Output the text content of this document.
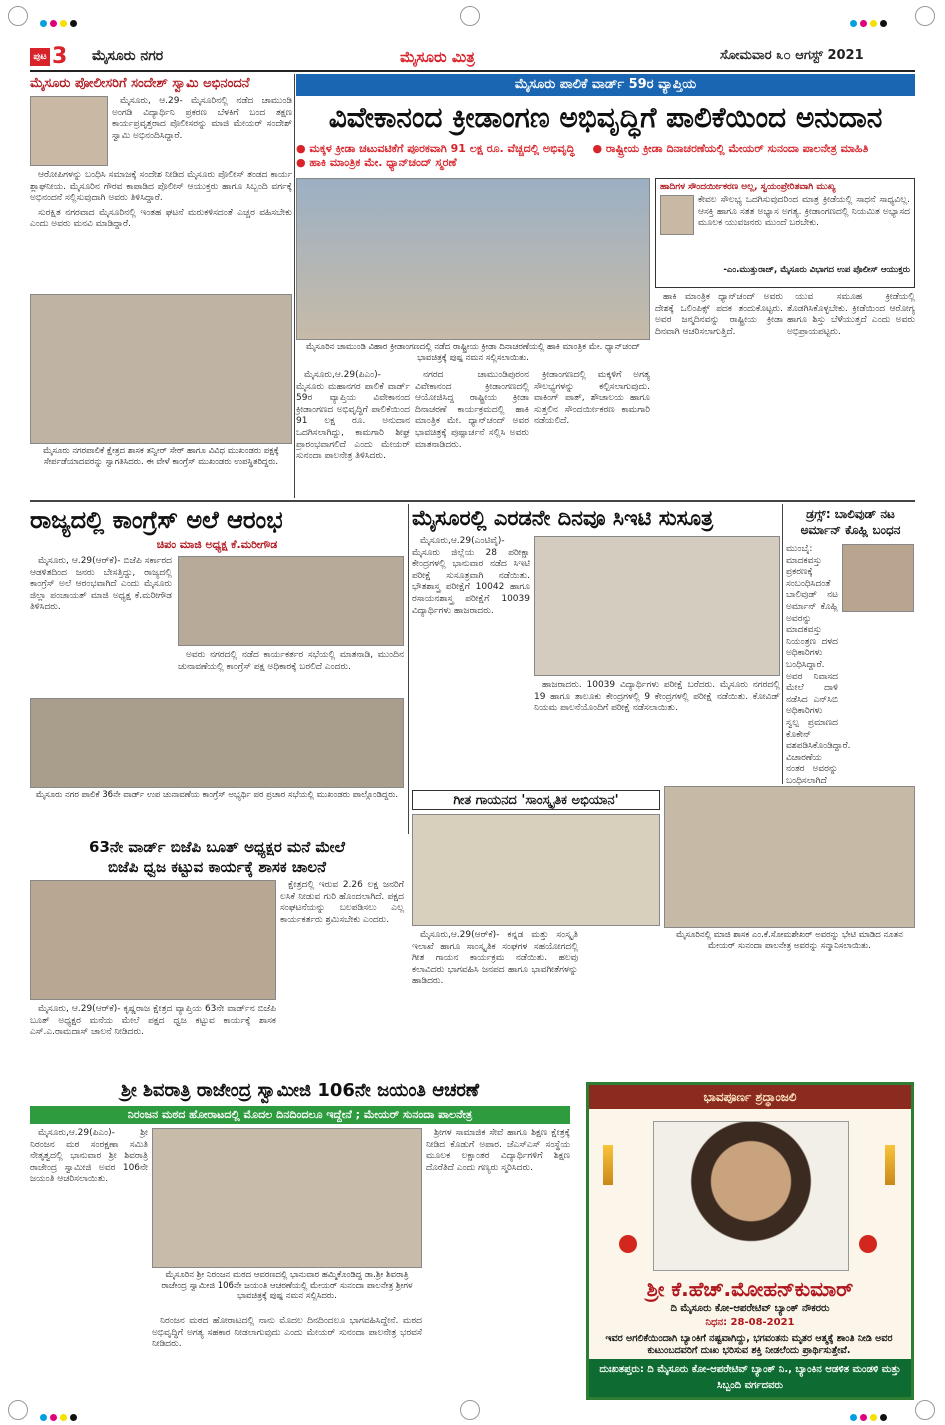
ಪುಟ 3 ಮೈಸೂರು ನಗರ	ಮೈಸೂರು ಮಿತ್ರ	ಸೋಮವಾರ ೩೦ ಆಗಸ್ಟ್ 2021
ಮೈಸೂರು ಪೋಲೀಸರಿಗೆ ಸಂದೇಶ್ ಸ್ವಾಮಿ ಅಭಿನಂದನೆ

ಮೈಸೂರು, ಆ.29- ಮೈಸೂರಿನಲ್ಲಿ ನಡೆದ ಚಾಮುಂಡಿ ಅಂಗಡಿ ವಿದ್ಯಾರ್ಥಿನಿ ಪ್ರಕರಣ ಬೆಳಕಿಗೆ ಬಂದ ತಕ್ಷಣ ಕಾರ್ಯಪ್ರವೃತ್ತರಾದ ಪೊಲೀಸರನ್ನು ಮಾಜಿ ಮೇಯರ್ ಸಂದೇಶ್ ಸ್ವಾಮಿ ಅಭಿನಂದಿಸಿದ್ದಾರೆ.

ಆರೋಪಿಗಳನ್ನು ಬಂಧಿಸಿ ಸಮಾಜಕ್ಕೆ ಸಂದೇಶ ನೀಡಿದ ಮೈಸೂರು ಪೊಲೀಸ್ ತಂಡದ ಕಾರ್ಯ ಶ್ಲಾಘನೀಯ. ಮೈಸೂರಿನ ಗೌರವ ಕಾಪಾಡಿದ ಪೊಲೀಸ್ ಆಯುಕ್ತರು ಹಾಗೂ ಸಿಬ್ಬಂದಿ ವರ್ಗಕ್ಕೆ ಅಭಿನಂದನೆ ಸಲ್ಲಿಸುವುದಾಗಿ ಅವರು ತಿಳಿಸಿದ್ದಾರೆ.

ಸುರಕ್ಷಿತ ನಗರವಾದ ಮೈಸೂರಿನಲ್ಲಿ ಇಂತಹ ಘಟನೆ ಮರುಕಳಿಸದಂತೆ ಎಚ್ಚರ ವಹಿಸಬೇಕು ಎಂದು ಅವರು ಮನವಿ ಮಾಡಿದ್ದಾರೆ.

ಮೈಸೂರು ನಗರಪಾಲಿಕೆ ಕ್ಷೇತ್ರದ ಶಾಸಕ ತನ್ವೀರ್ ಸೇಠ್ ಹಾಗೂ ವಿವಿಧ ಮುಖಂಡರು ಪಕ್ಷಕ್ಕೆ ಸೇರ್ಪಡೆಯಾದವರನ್ನು ಸ್ವಾಗತಿಸಿದರು. ಈ ವೇಳೆ ಕಾಂಗ್ರೆಸ್ ಮುಖಂಡರು ಉಪಸ್ಥಿತರಿದ್ದರು.
ಮೈಸೂರು ಪಾಲಿಕೆ ವಾರ್ಡ್ 59ರ ವ್ಯಾಪ್ತಿಯ
ವಿವೇಕಾನಂದ ಕ್ರೀಡಾಂಗಣ ಅಭಿವೃದ್ಧಿಗೆ ಪಾಲಿಕೆಯಿಂದ ಅನುದಾನ
● ಮಕ್ಕಳ ಕ್ರೀಡಾ ಚಟುವಟಿಕೆಗೆ ಪೂರಕವಾಗಿ 91 ಲಕ್ಷ ರೂ. ವೆಚ್ಚದಲ್ಲಿ ಅಭಿವೃದ್ಧಿ ● ರಾಷ್ಟ್ರೀಯ ಕ್ರೀಡಾ ದಿನಾಚರಣೆಯಲ್ಲಿ ಮೇಯರ್ ಸುನಂದಾ ಪಾಲನೇತ್ರ ಮಾಹಿತಿ ● ಹಾಕಿ ಮಾಂತ್ರಿಕ ಮೇ. ಧ್ಯಾನ್‌ಚಂದ್ ಸ್ಮರಣೆ
ಮೈಸೂರಿನ ಚಾಮುಂಡಿ ವಿಹಾರ ಕ್ರೀಡಾಂಗಣದಲ್ಲಿ ನಡೆದ ರಾಷ್ಟ್ರೀಯ ಕ್ರೀಡಾ ದಿನಾಚರಣೆಯಲ್ಲಿ ಹಾಕಿ ಮಾಂತ್ರಿಕ ಮೇ. ಧ್ಯಾನ್‌ಚಂದ್ ಭಾವಚಿತ್ರಕ್ಕೆ ಪುಷ್ಪ ನಮನ ಸಲ್ಲಿಸಲಾಯಿತು.
ಹಾದಿಗಳ ಸೌಂದರ್ಯೀಕರಣ ಅಲ್ಲ, ಸ್ವಯಂಪ್ರೇರಿತವಾಗಿ ಮುಖ್ಯ
ಕೇವಲ ಸೌಲಭ್ಯ ಒದಗಿಸುವುದರಿಂದ ಮಾತ್ರ ಕ್ರೀಡೆಯಲ್ಲಿ ಸಾಧನೆ ಸಾಧ್ಯವಿಲ್ಲ. ಆಸಕ್ತಿ ಹಾಗೂ ಸತತ ಅಭ್ಯಾಸ ಅಗತ್ಯ. ಕ್ರೀಡಾಂಗಣದಲ್ಲಿ ನಿಯಮಿತ ಅಭ್ಯಾಸದ ಮೂಲಕ ಯುವಜನರು ಮುಂದೆ ಬರಬೇಕು.
-ಎಂ.ಮುತ್ತುರಾಜ್, ಮೈಸೂರು ವಿಭಾಗದ ಉಪ ಪೊಲೀಸ್ ಆಯುಕ್ತರು

ಹಾಕಿ ಮಾಂತ್ರಿಕ ಧ್ಯಾನ್‌ಚಂದ್ ಅವರು ದೇಶಕ್ಕೆ ಒಲಿಂಪಿಕ್ಸ್ ಪದಕ ತಂದುಕೊಟ್ಟರು. ಅವರ ಜನ್ಮದಿನವನ್ನು ರಾಷ್ಟ್ರೀಯ ಕ್ರೀಡಾ ದಿನವಾಗಿ ಆಚರಿಸಲಾಗುತ್ತಿದೆ.

ಯುವ ಸಮೂಹ ಕ್ರೀಡೆಯಲ್ಲಿ ತೊಡಗಿಸಿಕೊಳ್ಳಬೇಕು. ಕ್ರೀಡೆಯಿಂದ ಆರೋಗ್ಯ ಹಾಗೂ ಶಿಸ್ತು ಬೆಳೆಯುತ್ತದೆ ಎಂದು ಅವರು ಅಭಿಪ್ರಾಯಪಟ್ಟರು.

ಮೈಸೂರು,ಆ.29(ಪಿಎಂ)- ಮೈಸೂರು ಮಹಾನಗರ ಪಾಲಿಕೆ ವಾರ್ಡ್ 59ರ ವ್ಯಾಪ್ತಿಯ ವಿವೇಕಾನಂದ ಕ್ರೀಡಾಂಗಣದ ಅಭಿವೃದ್ಧಿಗೆ ಪಾಲಿಕೆಯಿಂದ 91 ಲಕ್ಷ ರೂ. ಅನುದಾನ ಒದಗಿಸಲಾಗಿದ್ದು, ಕಾಮಗಾರಿ ಶೀಘ್ರ ಪ್ರಾರಂಭವಾಗಲಿದೆ ಎಂದು ಮೇಯರ್ ಸುನಂದಾ ಪಾಲನೇತ್ರ ತಿಳಿಸಿದರು.

ನಗರದ ಚಾಮುಂಡಿಪುರಂನ ವಿವೇಕಾನಂದ ಕ್ರೀಡಾಂಗಣದಲ್ಲಿ ಆಯೋಜಿಸಿದ್ದ ರಾಷ್ಟ್ರೀಯ ಕ್ರೀಡಾ ದಿನಾಚರಣೆ ಕಾರ್ಯಕ್ರಮದಲ್ಲಿ ಹಾಕಿ ಮಾಂತ್ರಿಕ ಮೇ. ಧ್ಯಾನ್‌ಚಂದ್ ಅವರ ಭಾವಚಿತ್ರಕ್ಕೆ ಪುಷ್ಪಾರ್ಚನೆ ಸಲ್ಲಿಸಿ ಅವರು ಮಾತನಾಡಿದರು.

ಕ್ರೀಡಾಂಗಣದಲ್ಲಿ ಮಕ್ಕಳಿಗೆ ಅಗತ್ಯ ಸೌಲಭ್ಯಗಳನ್ನು ಕಲ್ಪಿಸಲಾಗುವುದು. ವಾಕಿಂಗ್ ಪಾತ್, ಶೌಚಾಲಯ ಹಾಗೂ ಸುತ್ತಲಿನ ಸೌಂದರ್ಯೀಕರಣ ಕಾಮಗಾರಿ ನಡೆಯಲಿದೆ.

ರಾಜ್ಯದಲ್ಲಿ ಕಾಂಗ್ರೆಸ್ ಅಲೆ ಆರಂಭ
ಚಿಪಂ ಮಾಜಿ ಅಧ್ಯಕ್ಷ ಕೆ.ಮರೀಗೌಡ

ಮೈಸೂರು, ಆ.29(ಆರ್‌ಕೆ)- ಬಿಜೆಪಿ ಸರ್ಕಾರದ ಆಡಳಿತದಿಂದ ಜನರು ಬೇಸತ್ತಿದ್ದು, ರಾಜ್ಯದಲ್ಲಿ ಕಾಂಗ್ರೆಸ್ ಅಲೆ ಆರಂಭವಾಗಿದೆ ಎಂದು ಮೈಸೂರು ಜಿಲ್ಲಾ ಪಂಚಾಯತ್ ಮಾಜಿ ಅಧ್ಯಕ್ಷ ಕೆ.ಮರೀಗೌಡ ತಿಳಿಸಿದರು.

ಅವರು ನಗರದಲ್ಲಿ ನಡೆದ ಕಾರ್ಯಕರ್ತರ ಸಭೆಯಲ್ಲಿ ಮಾತನಾಡಿ, ಮುಂದಿನ ಚುನಾವಣೆಯಲ್ಲಿ ಕಾಂಗ್ರೆಸ್ ಪಕ್ಷ ಅಧಿಕಾರಕ್ಕೆ ಬರಲಿದೆ ಎಂದರು.

ಮೈಸೂರು ನಗರ ಪಾಲಿಕೆ 36ನೇ ವಾರ್ಡ್ ಉಪ ಚುನಾವಣೆಯ ಕಾಂಗ್ರೆಸ್ ಅಭ್ಯರ್ಥಿ ಪರ ಪ್ರಚಾರ ಸಭೆಯಲ್ಲಿ ಮುಖಂಡರು ಪಾಲ್ಗೊಂಡಿದ್ದರು.
ಮೈಸೂರಲ್ಲಿ ಎರಡನೇ ದಿನವೂ ಸಿಇಟಿ ಸುಸೂತ್ರ

ಮೈಸೂರು,ಆ.29(ಎಂಟಿವೈ)- ಮೈಸೂರು ಜಿಲ್ಲೆಯ 28 ಪರೀಕ್ಷಾ ಕೇಂದ್ರಗಳಲ್ಲಿ ಭಾನುವಾರ ನಡೆದ ಸಿಇಟಿ ಪರೀಕ್ಷೆ ಸುಸೂತ್ರವಾಗಿ ನಡೆಯಿತು. ಭೌತಶಾಸ್ತ್ರ ಪರೀಕ್ಷೆಗೆ 10042 ಹಾಗೂ ರಸಾಯನಶಾಸ್ತ್ರ ಪರೀಕ್ಷೆಗೆ 10039 ವಿದ್ಯಾರ್ಥಿಗಳು ಹಾಜರಾದರು.

ಹಾಜರಾದರು. 10039 ವಿದ್ಯಾರ್ಥಿಗಳು ಪರೀಕ್ಷೆ ಬರೆದರು. ಮೈಸೂರು ನಗರದಲ್ಲಿ 19 ಹಾಗೂ ತಾಲೂಕು ಕೇಂದ್ರಗಳಲ್ಲಿ 9 ಕೇಂದ್ರಗಳಲ್ಲಿ ಪರೀಕ್ಷೆ ನಡೆಯಿತು. ಕೋವಿಡ್ ನಿಯಮ ಪಾಲನೆಯೊಂದಿಗೆ ಪರೀಕ್ಷೆ ನಡೆಸಲಾಯಿತು.

ಡ್ರಗ್ಸ್: ಬಾಲಿವುಡ್ ನಟ ಅರ್ಮಾನ್ ಕೊಹ್ಲಿ ಬಂಧನ
ಮುಂಬೈ: ಮಾದಕವಸ್ತು ಪ್ರಕರಣಕ್ಕೆ ಸಂಬಂಧಿಸಿದಂತೆ ಬಾಲಿವುಡ್ ನಟ ಅರ್ಮಾನ್ ಕೊಹ್ಲಿ ಅವರನ್ನು ಮಾದಕವಸ್ತು ನಿಯಂತ್ರಣ ದಳದ ಅಧಿಕಾರಿಗಳು ಬಂಧಿಸಿದ್ದಾರೆ. ಅವರ ನಿವಾಸದ ಮೇಲೆ ದಾಳಿ ನಡೆಸಿದ ಎನ್‌ಸಿಬಿ ಅಧಿಕಾರಿಗಳು ಸ್ವಲ್ಪ ಪ್ರಮಾಣದ ಕೊಕೇನ್ ವಶಪಡಿಸಿಕೊಂಡಿದ್ದಾರೆ. ವಿಚಾರಣೆಯ ನಂತರ ಅವರನ್ನು ಬಂಧಿಸಲಾಗಿದೆ
ಗೀತ ಗಾಯನದ 'ಸಾಂಸ್ಕೃತಿಕ ಅಭಿಯಾನ'

ಮೈಸೂರು,ಆ.29(ಆರ್‌ಕೆ)- ಕನ್ನಡ ಮತ್ತು ಸಂಸ್ಕೃತಿ ಇಲಾಖೆ ಹಾಗೂ ಸಾಂಸ್ಕೃತಿಕ ಸಂಘಗಳ ಸಹಯೋಗದಲ್ಲಿ ಗೀತ ಗಾಯನ ಕಾರ್ಯಕ್ರಮ ನಡೆಯಿತು. ಹಲವು ಕಲಾವಿದರು ಭಾಗವಹಿಸಿ ಜನಪದ ಹಾಗೂ ಭಾವಗೀತೆಗಳನ್ನು ಹಾಡಿದರು.

ಮೈಸೂರಿನಲ್ಲಿ ಮಾಜಿ ಶಾಸಕ ಎಂ.ಕೆ.ಸೋಮಶೇಖರ್ ಅವರನ್ನು ಭೇಟಿ ಮಾಡಿದ ನೂತನ ಮೇಯರ್ ಸುನಂದಾ ಪಾಲನೇತ್ರ ಅವರನ್ನು ಸನ್ಮಾನಿಸಲಾಯಿತು.
63ನೇ ವಾರ್ಡ್ ಬಿಜೆಪಿ ಬೂತ್ ಅಧ್ಯಕ್ಷರ ಮನೆ ಮೇಲೆ
ಬಿಜೆಪಿ ಧ್ವಜ ಕಟ್ಟುವ ಕಾರ್ಯಕ್ಕೆ ಶಾಸಕ ಚಾಲನೆ

ಕ್ಷೇತ್ರದಲ್ಲಿ ಇರುವ 2.26 ಲಕ್ಷ ಜನರಿಗೆ ಲಸಿಕೆ ನೀಡುವ ಗುರಿ ಹೊಂದಲಾಗಿದೆ. ಪಕ್ಷದ ಸಂಘಟನೆಯನ್ನು ಬಲಪಡಿಸಲು ಎಲ್ಲ ಕಾರ್ಯಕರ್ತರು ಶ್ರಮಿಸಬೇಕು ಎಂದರು.

ಮೈಸೂರು, ಆ.29(ಆರ್‌ಕೆ)- ಕೃಷ್ಣರಾಜ ಕ್ಷೇತ್ರದ ವ್ಯಾಪ್ತಿಯ 63ನೇ ವಾರ್ಡ್‌ನ ಬಿಜೆಪಿ ಬೂತ್ ಅಧ್ಯಕ್ಷರ ಮನೆಯ ಮೇಲೆ ಪಕ್ಷದ ಧ್ವಜ ಕಟ್ಟುವ ಕಾರ್ಯಕ್ಕೆ ಶಾಸಕ ಎಸ್.ಎ.ರಾಮದಾಸ್ ಚಾಲನೆ ನೀಡಿದರು.

ಶ್ರೀ ಶಿವರಾತ್ರಿ ರಾಜೇಂದ್ರ ಸ್ವಾಮೀಜಿ 106ನೇ ಜಯಂತಿ ಆಚರಣೆ
ನಿರಂಜನ ಮಠದ ಹೋರಾಟದಲ್ಲಿ ಮೊದಲ ದಿನದಿಂದಲೂ ಇದ್ದೇನೆ ; ಮೇಯರ್ ಸುನಂದಾ ಪಾಲನೇತ್ರ

ಮೈಸೂರು,ಆ.29(ಪಿಎಂ)- ಶ್ರೀ ನಿರಂಜನ ಮಠ ಸಂರಕ್ಷಣಾ ಸಮಿತಿ ನೇತೃತ್ವದಲ್ಲಿ ಭಾನುವಾರ ಶ್ರೀ ಶಿವರಾತ್ರಿ ರಾಜೇಂದ್ರ ಸ್ವಾಮೀಜಿ ಅವರ 106ನೇ ಜಯಂತಿ ಆಚರಿಸಲಾಯಿತು.

ಮೈಸೂರಿನ ಶ್ರೀ ನಿರಂಜನ ಮಠದ ಆವರಣದಲ್ಲಿ ಭಾನುವಾರ ಹಮ್ಮಿಕೊಂಡಿದ್ದ ಡಾ.ಶ್ರೀ ಶಿವರಾತ್ರಿ ರಾಜೇಂದ್ರ ಸ್ವಾಮೀಜಿ 106ನೇ ಜಯಂತಿ ಆಚರಣೆಯಲ್ಲಿ ಮೇಯರ್ ಸುನಂದಾ ಪಾಲನೇತ್ರ ಶ್ರೀಗಳ ಭಾವಚಿತ್ರಕ್ಕೆ ಪುಷ್ಪ ನಮನ ಸಲ್ಲಿಸಿದರು.

ನಿರಂಜನ ಮಠದ ಹೋರಾಟದಲ್ಲಿ ನಾನು ಮೊದಲ ದಿನದಿಂದಲೂ ಭಾಗವಹಿಸಿದ್ದೇನೆ. ಮಠದ ಅಭಿವೃದ್ಧಿಗೆ ಅಗತ್ಯ ಸಹಕಾರ ನೀಡಲಾಗುವುದು ಎಂದು ಮೇಯರ್ ಸುನಂದಾ ಪಾಲನೇತ್ರ ಭರವಸೆ ನೀಡಿದರು.

ಶ್ರೀಗಳ ಸಾಮಾಜಿಕ ಸೇವೆ ಹಾಗೂ ಶಿಕ್ಷಣ ಕ್ಷೇತ್ರಕ್ಕೆ ನೀಡಿದ ಕೊಡುಗೆ ಅಪಾರ. ಜೆಎಸ್‌ಎಸ್ ಸಂಸ್ಥೆಯ ಮೂಲಕ ಲಕ್ಷಾಂತರ ವಿದ್ಯಾರ್ಥಿಗಳಿಗೆ ಶಿಕ್ಷಣ ದೊರೆತಿದೆ ಎಂದು ಗಣ್ಯರು ಸ್ಮರಿಸಿದರು.

ಭಾವಪೂರ್ಣ ಶ್ರದ್ಧಾಂಜಲಿ
ಶ್ರೀ ಕೆ.ಹೆಚ್.ಮೋಹನ್‌ಕುಮಾರ್
ದಿ ಮೈಸೂರು ಕೋ-ಆಪರೇಟಿವ್ ಬ್ಯಾಂಕ್ ನೌಕರರು
ನಿಧನ: 28-08-2021
ಇವರ ಅಗಲಿಕೆಯಿಂದಾಗಿ ಬ್ಯಾಂಕಿಗೆ ನಷ್ಟವಾಗಿದ್ದು, ಭಗವಂತನು ಮೃತರ ಆತ್ಮಕ್ಕೆ ಶಾಂತಿ ನೀಡಿ ಅವರ ಕುಟುಂಬದವರಿಗೆ ದುಃಖ ಭರಿಸುವ ಶಕ್ತಿ ನೀಡಲೆಂದು ಪ್ರಾರ್ಥಿಸುತ್ತೇವೆ.
ದುಃಖತಪ್ತರು: ದಿ ಮೈಸೂರು ಕೋ-ಆಪರೇಟಿವ್ ಬ್ಯಾಂಕ್ ನಿ., ಬ್ಯಾಂಕಿನ ಆಡಳಿತ ಮಂಡಳಿ ಮತ್ತು ಸಿಬ್ಬಂದಿ ವರ್ಗದವರು
